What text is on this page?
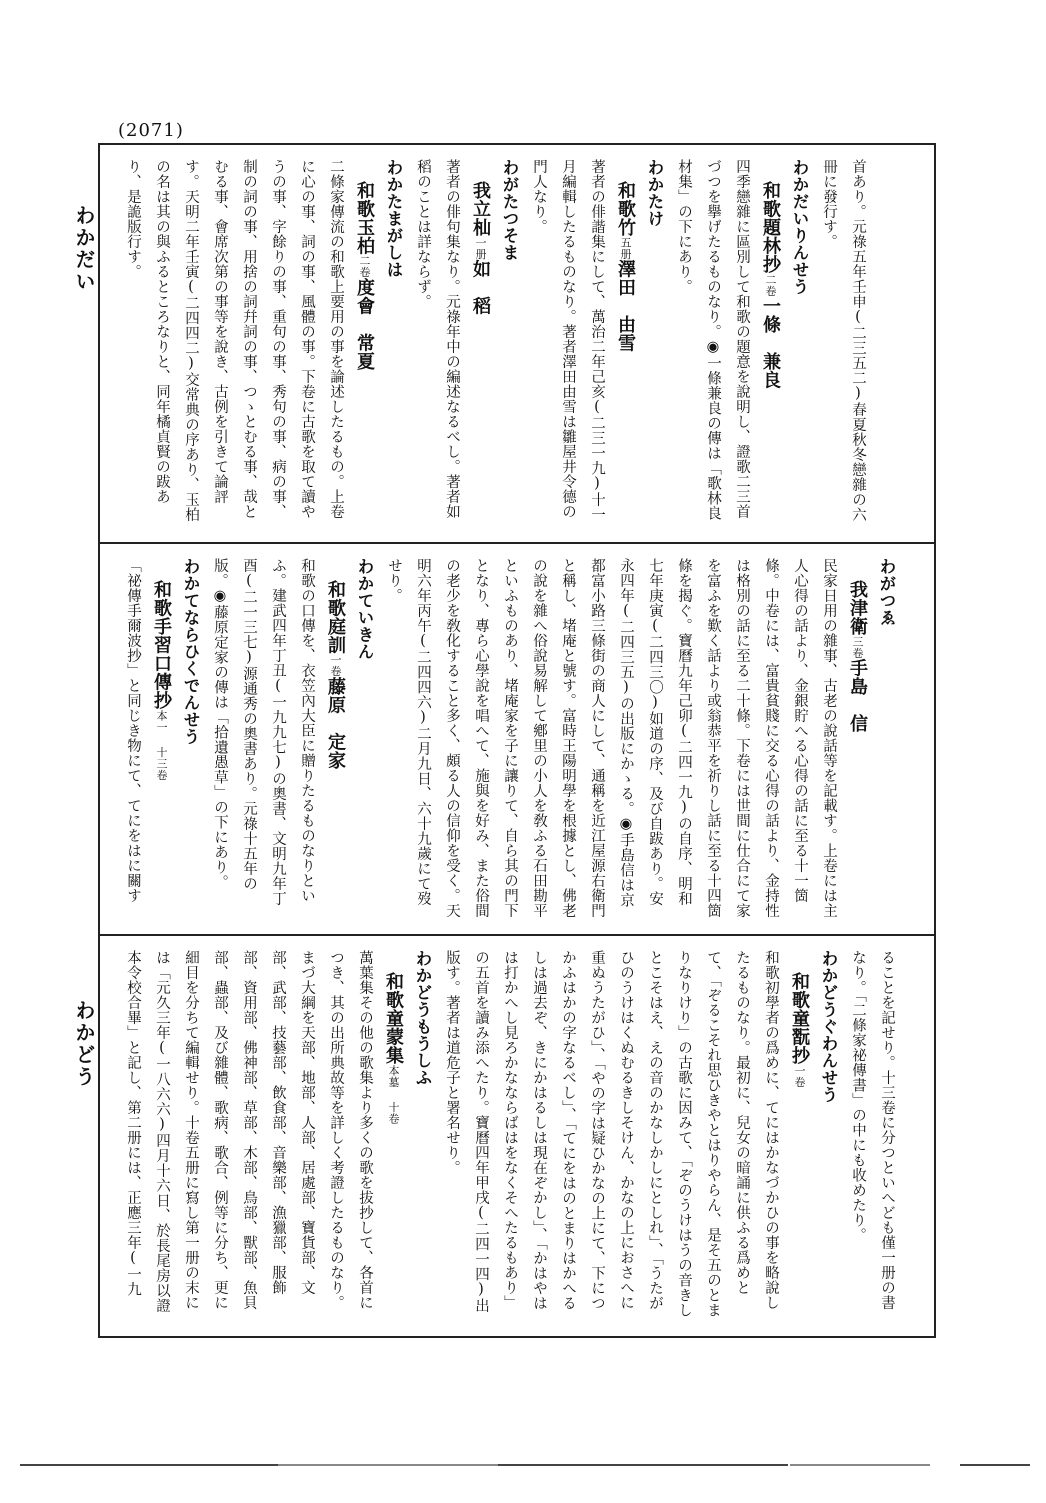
(2071)
わかだい
わかどう
首あり。元祿五年壬申(二三五二)春夏秋冬戀雜の六冊に發行す。
わかだいりんせう
和歌題林抄二卷一條　兼良
四季戀雜に區別して和歌の題意を說明し、證歌二三首づつを擧げたるものなり。◉一條兼良の傳は「歌林良材集」の下にあり。
わかたけ
和歌竹五册澤田　由雪
著者の俳諧集にして、萬治二年己亥(二三一九)十一月編輯したるものなり。著者澤田由雪は雛屋井令德の門人なり。
わがたつそま
我立杣一册如　稻
著者の俳句集なり。元祿年中の編述なるべし。著者如稻のことは詳ならず。
わかたまがしは
和歌玉柏二卷度會　常夏
二條家傳流の和歌上要用の事を論述したるもの。上卷に心の事、詞の事、風體の事。下卷に古歌を取て讀やうの事、字餘りの事、重句の事、秀句の事、病の事、制の詞の事、用捨の詞幷詞の事、つゝとむる事、哉とむる事、會席次第の事等を說き、古例を引きて論評す。天明二年壬寅(二四四二)交常典の序あり、玉柏の名は其の與ふるところなりと、同年橘貞賢の跋あり、是詭版行す。
わがつゑ
我津衛三卷手島　信
民家日用の雜事、古老の說話等を記載す。上卷には主人心得の話より、金銀貯へる心得の話に至る十一箇條。中卷には、富貴貧賤に交る心得の話より、金持性は格別の話に至る二十條。下卷には世間に仕合にて家を富ふを歎く話より或翁恭平を祈りし話に至る十四箇條を揭ぐ。寶曆九年己卯(二四一九)の自序、明和七年庚寅(二四三〇)如道の序、及び自跋あり。安永四年(二四三五)の出版にかゝる。◉手島信は京都富小路三條街の商人にして、通稱を近江屋源右衛門と稱し、堵庵と號す。富時王陽明學を根據とし、佛老の說を雜へ俗說易解して鄕里の小人を敎ふる石田勘平といふものあり、堵庵家を子に讓りて、自ら其の門下となり、專ら心學說を唱へて、施與を好み、また俗間の老少を敎化すること多く、頗る人の信仰を受く。天明六年丙午(二四四六)二月九日、六十九歲にて歿せり。
わかていきん
和歌庭訓一卷藤原　定家
和歌の口傳を、衣笠內大臣に贈りたるものなりといふ。建武四年丁丑(一九九七)の奧書、文明九年丁酉(二一三七)源通秀の奧書あり。元祿十五年の版。◉藤原定家の傳は「拾遺愚草」の下にあり。
わかてならひくでんせう
和歌手習口傳抄本一 十三卷
「祕傳手爾波抄」と同じき物にて、てにをはに關す
ることを記せり。十三卷に分つといへども僅一册の書なり。「二條家祕傳書」の中にも收めたり。
わかどうぐわんせう
和歌童翫抄一卷
和歌初學者の爲めに、てにはかなづかひの事を略說したるものなり。最初に、兒女の暗誦に供ふる爲めとて、「ぞるこそれ思ひきやとはりやらん、是そ五のとまりなりけり」の古歌に因みて、「ぞのうけはうの音きしとこそはえ、えの音のかなしかしにとしれ」、「うたがひのうけはくぬむるきしそけん、かなの上におさへに重ぬうたがひ」、「やの字は疑ひかなの上にて、下につかふはかの字なるべし」、「てにをはのとまりはかへるしは過去ぞ、きにかはるしは現在ぞかし」、「かはやはは打かへし見ろかなならばはをなくそへたるもあり」の五首を讀み添へたり。寶曆四年甲戌(二四一四)出版す。著者は道危子と署名せり。
わかどうもうしふ
和歌童蒙集本墓 十卷
萬葉集その他の歌集より多くの歌を拔抄して、各首につき、其の出所典故等を詳しく考證したるものなり。まづ大綱を天部、地部、人部、居處部、寶貨部、文部、武部、技藝部、飲食部、音樂部、漁獵部、服飾部、資用部、佛神部、草部、木部、鳥部、獸部、魚貝部、蟲部、及び雜體、歌病、歌合、例等に分ち、更に細目を分ちて編輯せり。十卷五册に寫し第一册の末には「元久三年(一八六六)四月十六日、於長尾房以證本令校合畢」と記し、第二册には、正應三年(一九
